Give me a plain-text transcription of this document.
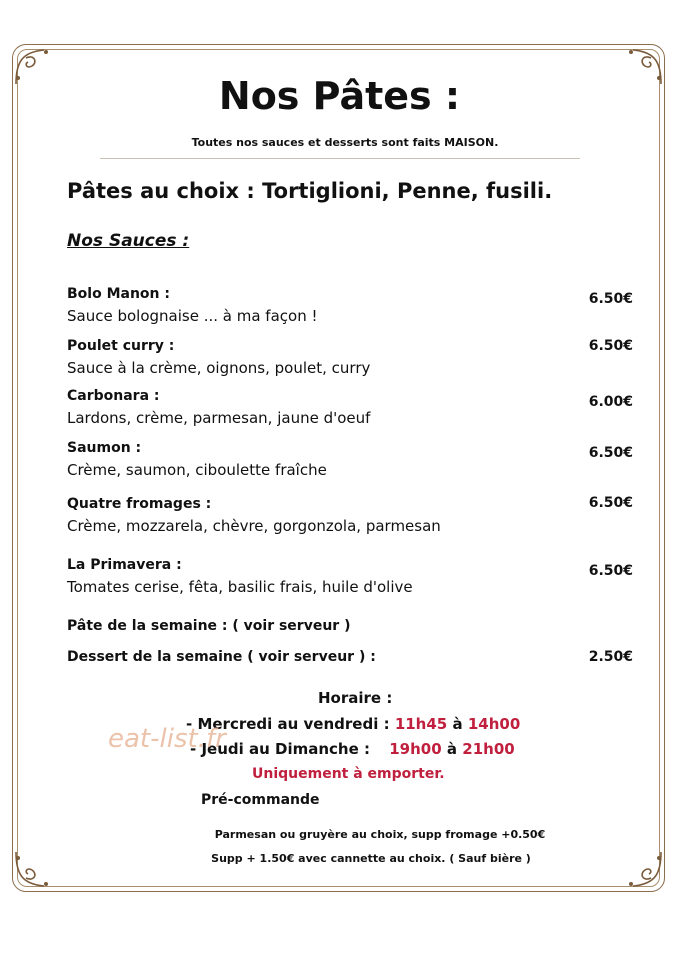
Nos Pâtes :
Toutes nos sauces et desserts sont faits MAISON.
Pâtes au choix : Tortiglioni, Penne, fusili.
Nos Sauces :
Bolo Manon :
Sauce bolognaise ... à ma façon !
6.50€
Poulet curry :
Sauce à la crème, oignons, poulet, curry
6.50€
Carbonara :
Lardons, crème, parmesan, jaune d'oeuf
6.00€
Saumon :
Crème, saumon, ciboulette fraîche
6.50€
Quatre fromages :
Crème, mozzarela, chèvre, gorgonzola, parmesan
6.50€
La Primavera :
Tomates cerise, fêta, basilic frais, huile d'olive
6.50€
Pâte de la semaine : ( voir serveur )
Dessert de la semaine ( voir serveur ) :	2.50€
Horaire :
- Mercredi au vendredi : 11h45 à 14h00
- Jeudi au Dimanche : 19h00 à 21h00
Uniquement à emporter.
eat-list.fr
Pré-commande
Parmesan ou gruyère au choix, supp fromage +0.50€
Supp + 1.50€ avec cannette au choix. ( Sauf bière )
